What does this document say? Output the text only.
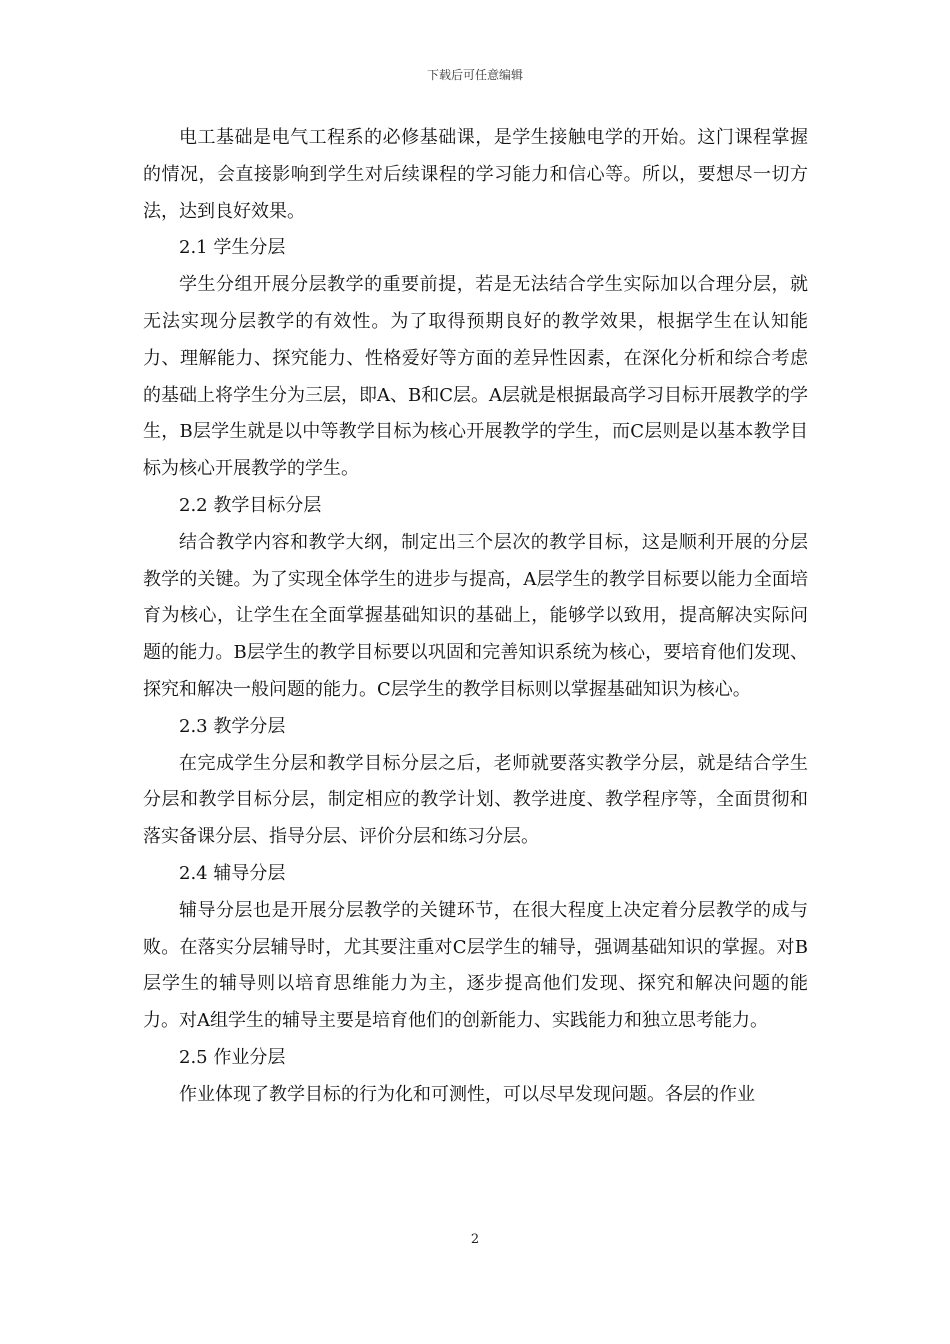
下载后可任意编辑

电工基础是电气工程系的必修基础课，是学生接触电学的开始。这门课程掌握的情况，会直接影响到学生对后续课程的学习能力和信心等。所以，要想尽一切方法，达到良好效果。

2.1 学生分层

学生分组开展分层教学的重要前提，若是无法结合学生实际加以合理分层，就无法实现分层教学的有效性。为了取得预期良好的教学效果，根据学生在认知能力、理解能力、探究能力、性格爱好等方面的差异性因素，在深化分析和综合考虑的基础上将学生分为三层，即A、B和C层。A层就是根据最高学习目标开展教学的学生，B层学生就是以中等教学目标为核心开展教学的学生，而C层则是以基本教学目标为核心开展教学的学生。

2.2 教学目标分层

结合教学内容和教学大纲，制定出三个层次的教学目标，这是顺利开展的分层教学的关键。为了实现全体学生的进步与提高，A层学生的教学目标要以能力全面培育为核心，让学生在全面掌握基础知识的基础上，能够学以致用，提高解决实际问题的能力。B层学生的教学目标要以巩固和完善知识系统为核心，要培育他们发现、探究和解决一般问题的能力。C层学生的教学目标则以掌握基础知识为核心。

2.3 教学分层

在完成学生分层和教学目标分层之后，老师就要落实教学分层，就是结合学生分层和教学目标分层，制定相应的教学计划、教学进度、教学程序等，全面贯彻和落实备课分层、指导分层、评价分层和练习分层。

2.4 辅导分层

辅导分层也是开展分层教学的关键环节，在很大程度上决定着分层教学的成与败。在落实分层辅导时，尤其要注重对C层学生的辅导，强调基础知识的掌握。对B层学生的辅导则以培育思维能力为主，逐步提高他们发现、探究和解决问题的能力。对A组学生的辅导主要是培育他们的创新能力、实践能力和独立思考能力。

2.5 作业分层

作业体现了教学目标的行为化和可测性，可以尽早发现问题。各层的作业

2
